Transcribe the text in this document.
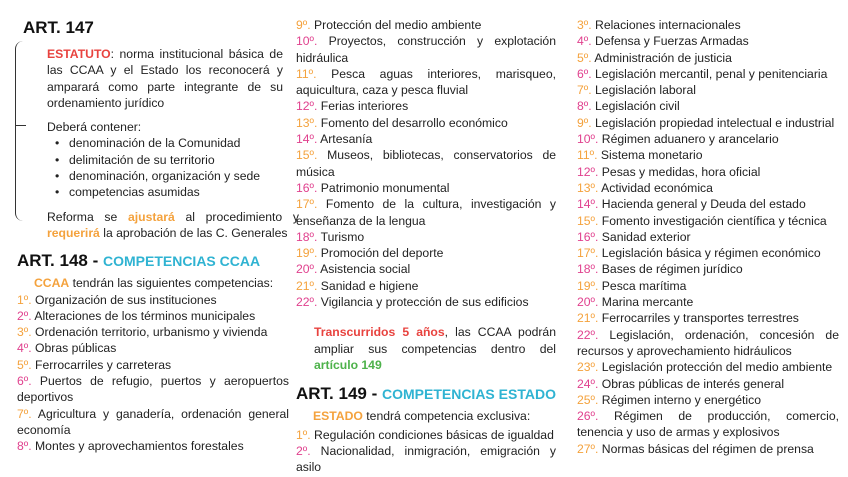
ART. 147
ESTATUTO: norma institucional básica de las CCAA y el Estado los reconocerá y amparará como parte integrante de su ordenamiento jurídico
Deberá contener:
• denominación de la Comunidad
• delimitación de su territorio
• denominación, organización y sede
• competencias asumidas
Reforma se ajustará al procedimiento y requerirá la aprobación de las C. Generales
ART. 148 - COMPETENCIAS CCAA
CCAA tendrán las siguientes competencias:
1º. Organización de sus instituciones
2º. Alteraciones de los términos municipales
3º. Ordenación territorio, urbanismo y vivienda
4º. Obras públicas
5º. Ferrocarriles y carreteras
6º. Puertos de refugio, puertos y aeropuertos deportivos
7º. Agricultura y ganadería, ordenación general economía
8º. Montes y aprovechamientos forestales
9º. Protección del medio ambiente
10º. Proyectos, construcción y explotación hidráulica
11º. Pesca aguas interiores, marisqueo, aquicultura, caza y pesca fluvial
12º. Ferias interiores
13º. Fomento del desarrollo económico
14º. Artesanía
15º. Museos, bibliotecas, conservatorios de música
16º. Patrimonio monumental
17º. Fomento de la cultura, investigación y enseñanza de la lengua
18º. Turismo
19º. Promoción del deporte
20º. Asistencia social
21º. Sanidad e higiene
22º. Vigilancia y protección de sus edificios
Transcurridos 5 años, las CCAA podrán ampliar sus competencias dentro del artículo 149
ART. 149 - COMPETENCIAS ESTADO
ESTADO tendrá competencia exclusiva:
1º. Regulación condiciones básicas de igualdad
2º. Nacionalidad, inmigración, emigración y asilo
3º. Relaciones internacionales
4º. Defensa y Fuerzas Armadas
5º. Administración de justicia
6º. Legislación mercantil, penal y penitenciaria
7º. Legislación laboral
8º. Legislación civil
9º. Legislación propiedad intelectual e industrial
10º. Régimen aduanero y arancelario
11º. Sistema monetario
12º. Pesas y medidas, hora oficial
13º. Actividad económica
14º. Hacienda general y Deuda del estado
15º. Fomento investigación científica y técnica
16º. Sanidad exterior
17º. Legislación básica y régimen económico
18º. Bases de régimen jurídico
19º. Pesca marítima
20º. Marina mercante
21º. Ferrocarriles y transportes terrestres
22º. Legislación, ordenación, concesión de recursos y aprovechamiento hidráulicos
23º. Legislación protección del medio ambiente
24º. Obras públicas de interés general
25º. Régimen interno y energético
26º. Régimen de producción, comercio, tenencia y uso de armas y explosivos
27º. Normas básicas del régimen de prensa
